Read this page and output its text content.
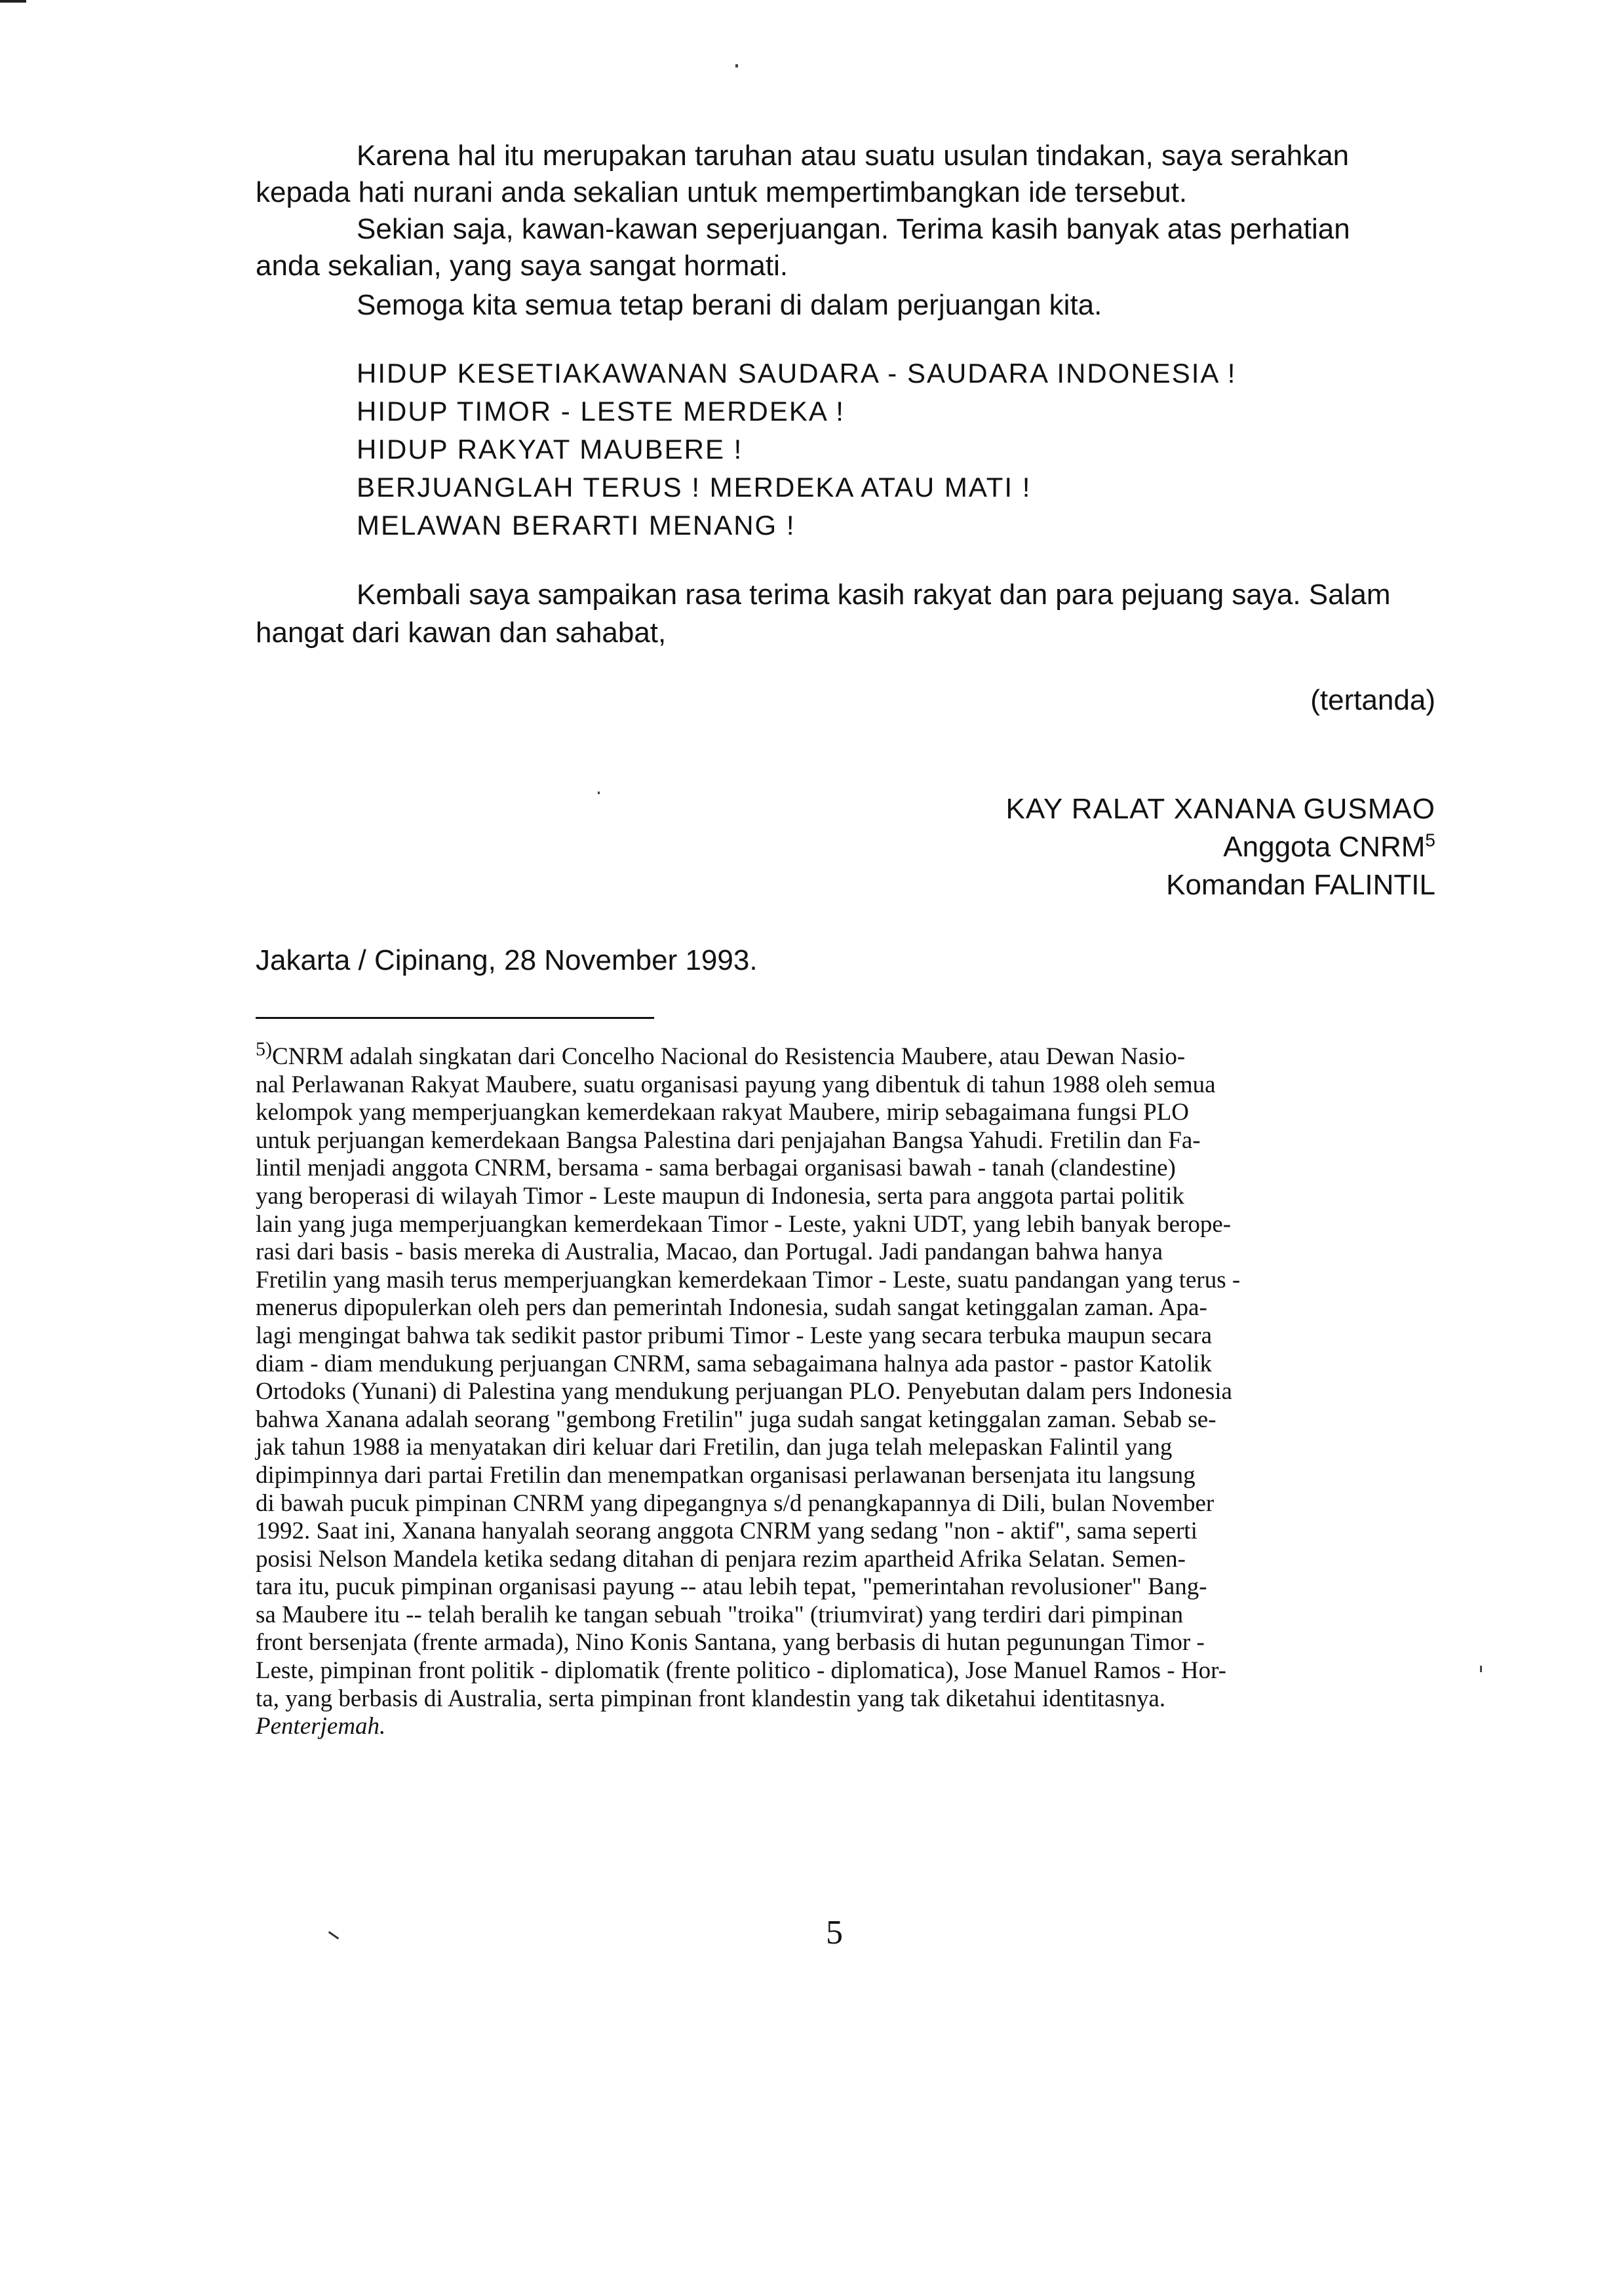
Karena hal itu merupakan taruhan atau suatu usulan tindakan, saya serahkan

kepada hati nurani anda sekalian untuk mempertimbangkan ide tersebut.

Sekian saja, kawan-kawan seperjuangan. Terima kasih banyak atas perhatian

anda sekalian, yang saya sangat hormati.

Semoga kita semua tetap berani di dalam perjuangan kita.

HIDUP KESETIAKAWANAN SAUDARA - SAUDARA INDONESIA !

HIDUP TIMOR - LESTE MERDEKA !

HIDUP RAKYAT MAUBERE !

BERJUANGLAH TERUS ! MERDEKA ATAU MATI !

MELAWAN BERARTI MENANG !

Kembali saya sampaikan rasa terima kasih rakyat dan para pejuang saya. Salam

hangat dari kawan dan sahabat,

(tertanda)

KAY RALAT XANANA GUSMAO

Anggota CNRM$^5$

Komandan FALINTIL

Jakarta / Cipinang, 28 November 1993.

$^{5)}$CNRM adalah singkatan dari Concelho Nacional do Resistencia Maubere, atau Dewan Nasio-
nal Perlawanan Rakyat Maubere, suatu organisasi payung yang dibentuk di tahun 1988 oleh semua
kelompok yang memperjuangkan kemerdekaan rakyat Maubere, mirip sebagaimana fungsi PLO
untuk perjuangan kemerdekaan Bangsa Palestina dari penjajahan Bangsa Yahudi. Fretilin dan Fa-
lintil menjadi anggota CNRM, bersama - sama berbagai organisasi bawah - tanah (clandestine)
yang beroperasi di wilayah Timor - Leste maupun di Indonesia, serta para anggota partai politik
lain yang juga memperjuangkan kemerdekaan Timor - Leste, yakni UDT, yang lebih banyak berope-
rasi dari basis - basis mereka di Australia, Macao, dan Portugal. Jadi pandangan bahwa hanya
Fretilin yang masih terus memperjuangkan kemerdekaan Timor - Leste, suatu pandangan yang terus -
menerus dipopulerkan oleh pers dan pemerintah Indonesia, sudah sangat ketinggalan zaman. Apa-
lagi mengingat bahwa tak sedikit pastor pribumi Timor - Leste yang secara terbuka maupun secara
diam - diam mendukung perjuangan CNRM, sama sebagaimana halnya ada pastor - pastor Katolik
Ortodoks (Yunani) di Palestina yang mendukung perjuangan PLO. Penyebutan dalam pers Indonesia
bahwa Xanana adalah seorang "gembong Fretilin" juga sudah sangat ketinggalan zaman. Sebab se-
jak tahun 1988 ia menyatakan diri keluar dari Fretilin, dan juga telah melepaskan Falintil yang
dipimpinnya dari partai Fretilin dan menempatkan organisasi perlawanan bersenjata itu langsung
di bawah pucuk pimpinan CNRM yang dipegangnya s/d penangkapannya di Dili, bulan November
1992. Saat ini, Xanana hanyalah seorang anggota CNRM yang sedang "non - aktif", sama seperti
posisi Nelson Mandela ketika sedang ditahan di penjara rezim apartheid Afrika Selatan. Semen-
tara itu, pucuk pimpinan organisasi payung -- atau lebih tepat, "pemerintahan revolusioner" Bang-
sa Maubere itu -- telah beralih ke tangan sebuah "troika" (triumvirat) yang terdiri dari pimpinan
front bersenjata (frente armada), Nino Konis Santana, yang berbasis di hutan pegunungan Timor -
Leste, pimpinan front politik - diplomatik (frente politico - diplomatica), Jose Manuel Ramos - Hor-
ta, yang berbasis di Australia, serta pimpinan front klandestin yang tak diketahui identitasnya.
Penterjemah.

5
